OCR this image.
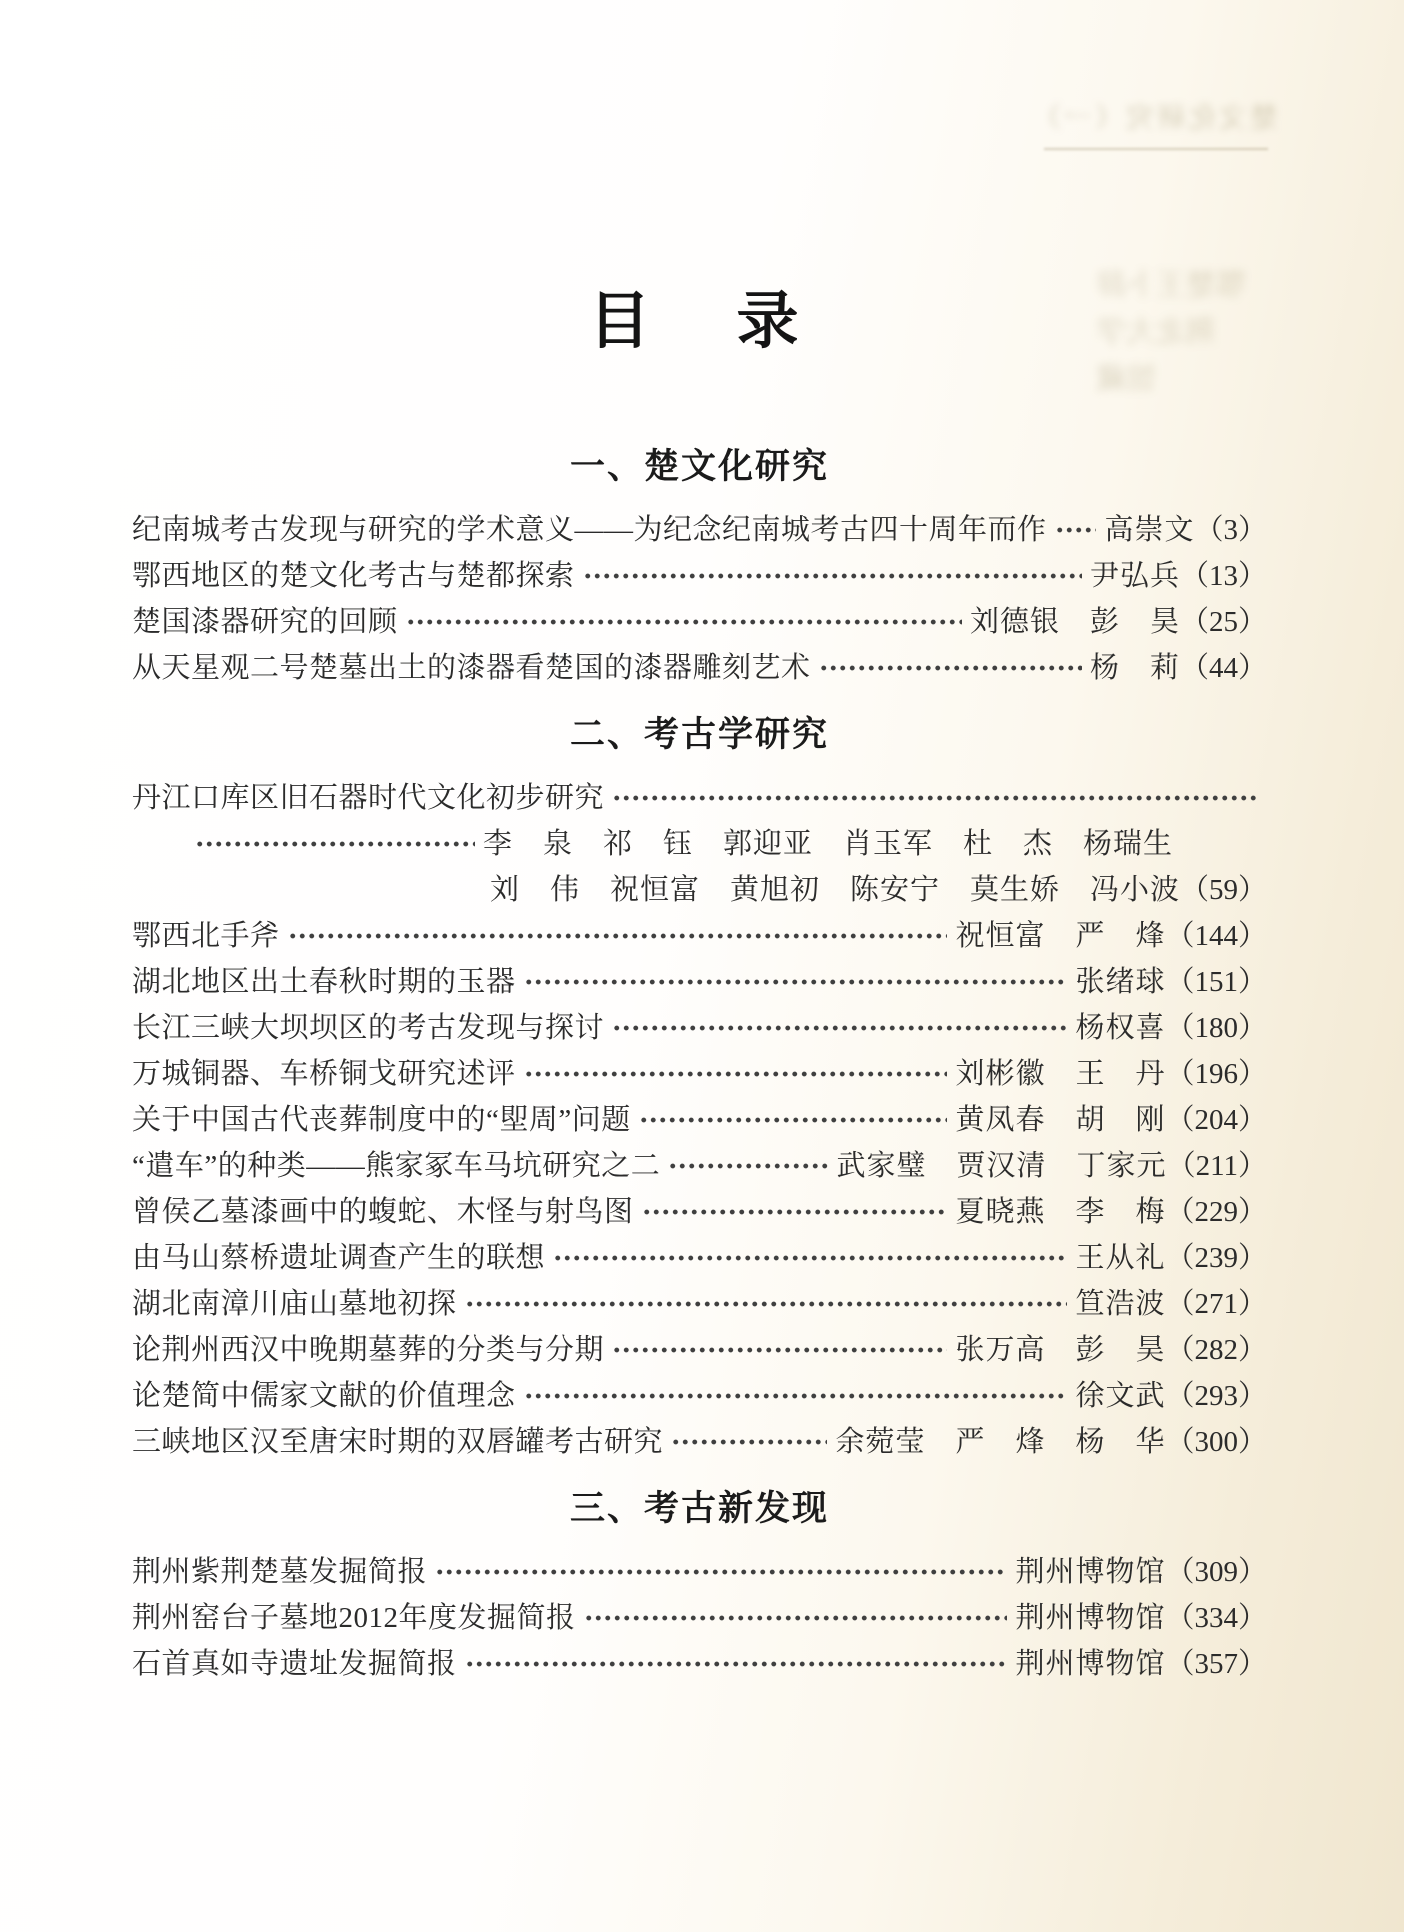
楚文化研究（一）
鄂楚王卜辞
荆北大学
馆藏
目　录
一、楚文化研究
纪南城考古发现与研究的学术意义——为纪念纪南城考古四十周年而作 高崇文 （3）
鄂西地区的楚文化考古与楚都探索	尹弘兵 （13）
楚国漆器研究的回顾	刘德银　彭　昊 （25）
从天星观二号楚墓出土的漆器看楚国的漆器雕刻艺术	杨　莉 （44）
二、考古学研究
丹江口库区旧石器时代文化初步研究
李　泉　祁　钰　郭迎亚　肖玉军　杜　杰　杨瑞生
刘　伟　祝恒富　黄旭初　陈安宁　莫生娇　冯小波 （59）
鄂西北手斧	祝恒富　严　烽 （144）
湖北地区出土春秋时期的玉器	张绪球 （151）
长江三峡大坝坝区的考古发现与探讨	杨权喜 （180）
万城铜器、车桥铜戈研究述评	刘彬徽　王　丹 （196）
关于中国古代丧葬制度中的“堲周”问题	黄凤春　胡　刚 （204）
“遣车”的种类——熊家冢车马坑研究之二	武家璧　贾汉清　丁家元 （211）
曾侯乙墓漆画中的蝮蛇、木怪与射鸟图	夏晓燕　李　梅 （229）
由马山蔡桥遗址调查产生的联想	王从礼 （239）
湖北南漳川庙山墓地初探	笪浩波 （271）
论荆州西汉中晚期墓葬的分类与分期	张万高　彭　昊 （282）
论楚简中儒家文献的价值理念	徐文武 （293）
三峡地区汉至唐宋时期的双唇罐考古研究	余菀莹　严　烽　杨　华 （300）
三、考古新发现
荆州紫荆楚墓发掘简报	荆州博物馆 （309）
荆州窑台子墓地2012年度发掘简报	荆州博物馆 （334）
石首真如寺遗址发掘简报	荆州博物馆 （357）
